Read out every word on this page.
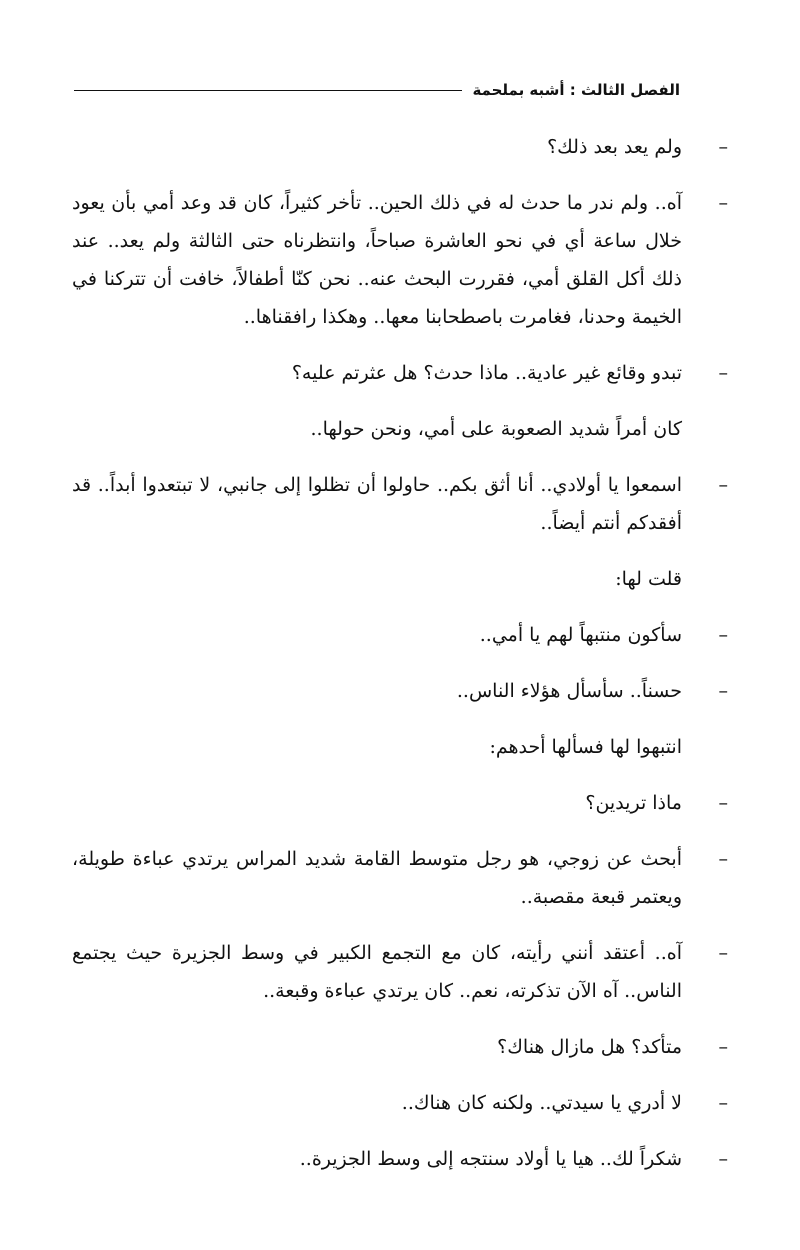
الفصل الثالث : أشبه بملحمة
–
ولم يعد بعد ذلك؟
–
آه.. ولم ندر ما حدث له في ذلك الحين.. تأخر كثيراً، كان قد وعد أمي بأن يعود خلال ساعة أي في نحو العاشرة صباحاً، وانتظرناه حتى الثالثة ولم يعد.. عند ذلك أكل القلق أمي، فقررت البحث عنه.. نحن كنّا أطفالاً، خافت أن تتركنا في الخيمة وحدنا، فغامرت باصطحابنا معها.. وهكذا رافقناها..
–
تبدو وقائع غير عادية.. ماذا حدث؟ هل عثرتم عليه؟
كان أمراً شديد الصعوبة على أمي، ونحن حولها..
–
اسمعوا يا أولادي.. أنا أثق بكم.. حاولوا أن تظلوا إلى جانبي، لا تبتعدوا أبداً.. قد أفقدكم أنتم أيضاً..
قلت لها:
–
سأكون منتبهاً لهم يا أمي..
–
حسناً.. سأسأل هؤلاء الناس..
انتبهوا لها فسألها أحدهم:
–
ماذا تريدين؟
–
أبحث عن زوجي، هو رجل متوسط القامة شديد المراس يرتدي عباءة طويلة، ويعتمر قبعة مقصبة..
–
آه.. أعتقد أنني رأيته، كان مع التجمع الكبير في وسط الجزيرة حيث يجتمع الناس.. آه الآن تذكرته، نعم.. كان يرتدي عباءة وقبعة..
–
متأكد؟ هل مازال هناك؟
–
لا أدري يا سيدتي.. ولكنه كان هناك..
–
شكراً لك.. هيا يا أولاد سنتجه إلى وسط الجزيرة..
